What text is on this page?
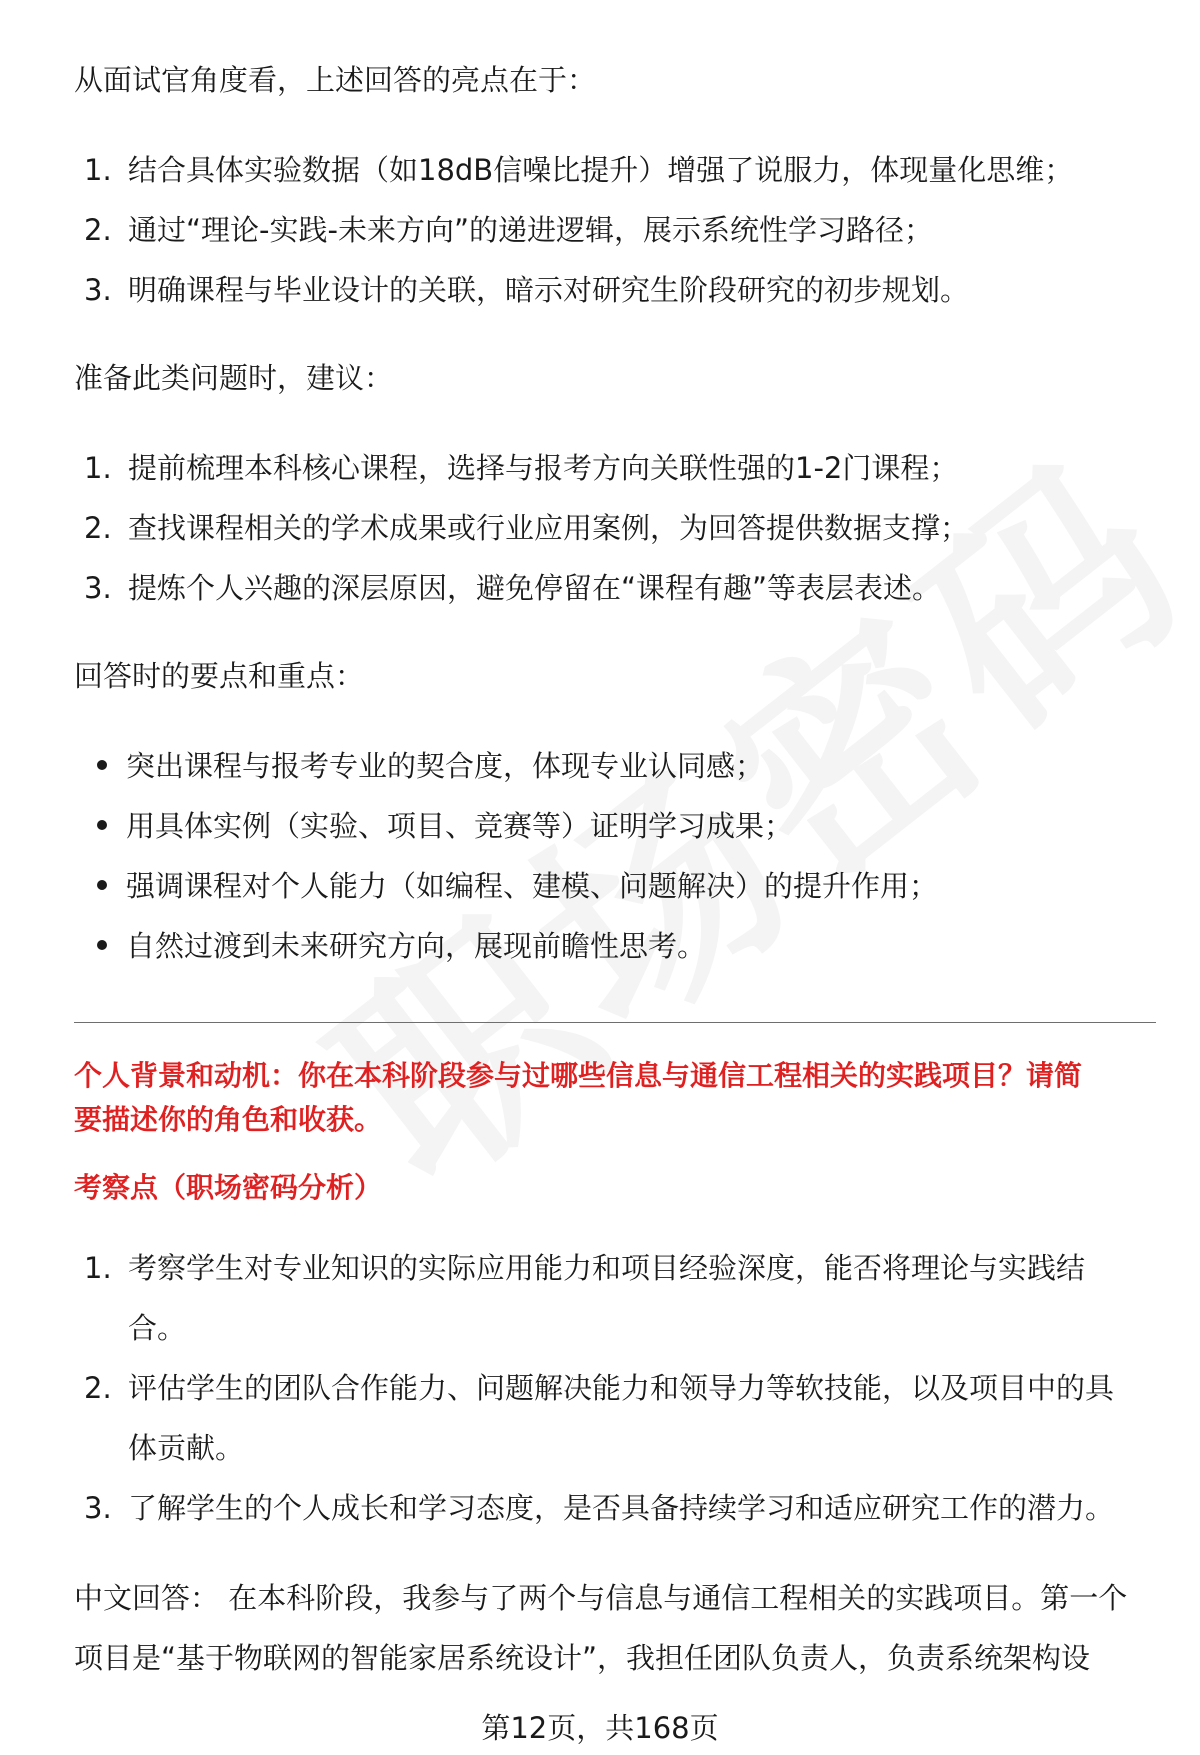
从面试官角度看，上述回答的亮点在于：
1. 结合具体实验数据（如18dB信噪比提升）增强了说服力，体现量化思维；
2. 通过“理论-实践-未来方向”的递进逻辑，展示系统性学习路径；
3. 明确课程与毕业设计的关联，暗示对研究生阶段研究的初步规划。
准备此类问题时，建议：
1. 提前梳理本科核心课程，选择与报考方向关联性强的1-2门课程；
2. 查找课程相关的学术成果或行业应用案例，为回答提供数据支撑；
3. 提炼个人兴趣的深层原因，避免停留在“课程有趣”等表层表述。
回答时的要点和重点：
突出课程与报考专业的契合度，体现专业认同感；
用具体实例（实验、项目、竞赛等）证明学习成果；
强调课程对个人能力（如编程、建模、问题解决）的提升作用；
自然过渡到未来研究方向，展现前瞻性思考。
个人背景和动机：你在本科阶段参与过哪些信息与通信工程相关的实践项目？请简
要描述你的角色和收获。
考察点（职场密码分析）
1. 考察学生对专业知识的实际应用能力和项目经验深度，能否将理论与实践结
合。
2. 评估学生的团队合作能力、问题解决能力和领导力等软技能，以及项目中的具
体贡献。
3. 了解学生的个人成长和学习态度，是否具备持续学习和适应研究工作的潜力。
中文回答： 在本科阶段，我参与了两个与信息与通信工程相关的实践项目。第一个
项目是“基于物联网的智能家居系统设计”，我担任团队负责人，负责系统架构设
第12页，共168页
